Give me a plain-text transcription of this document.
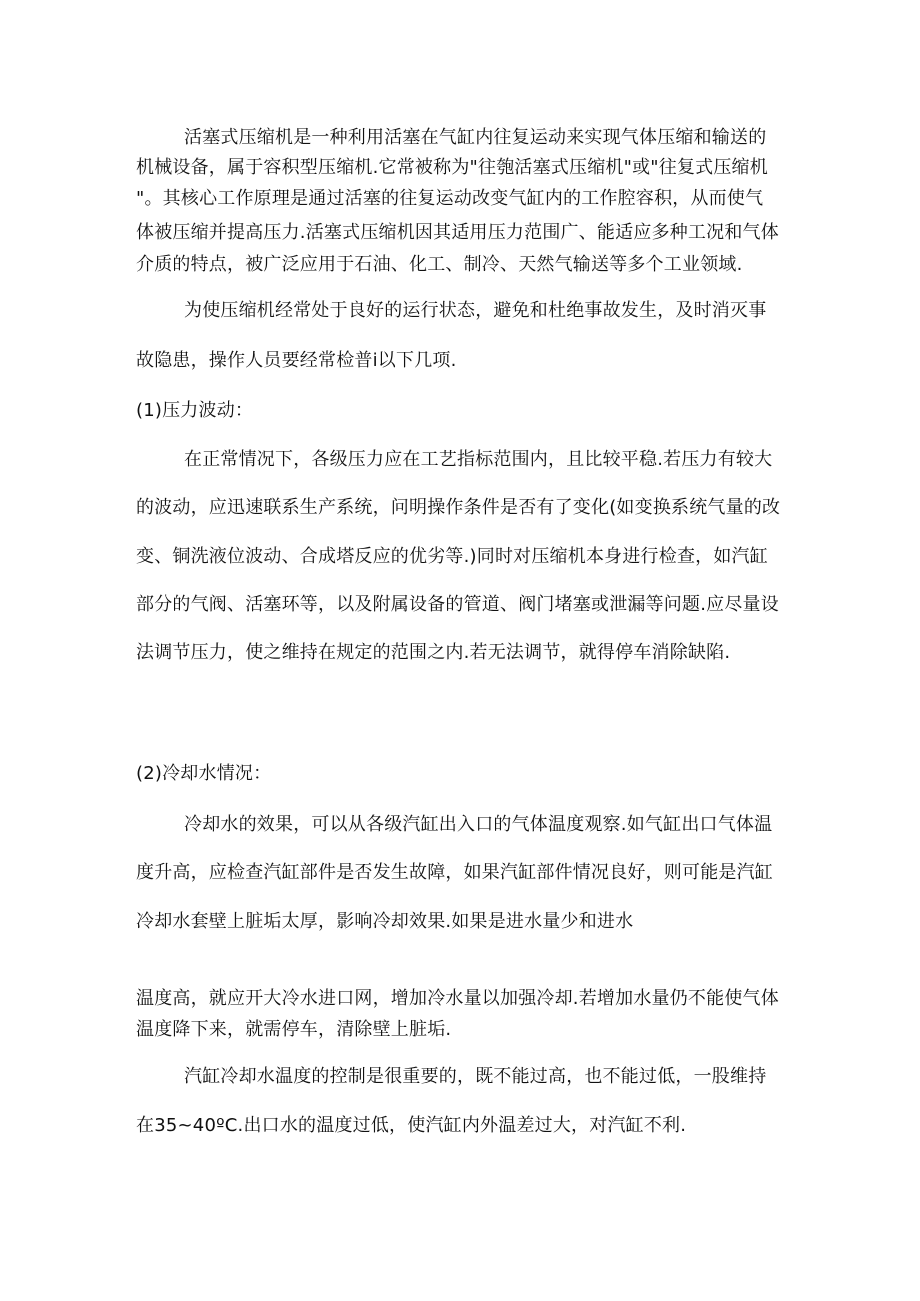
活塞式压缩机是一种利用活塞在气缸内往复运动来实现气体压缩和输送的
机械设备，属于容积型压缩机.它常被称为"往匏活塞式压缩机"或"往复式压缩机
"。其核心工作原理是通过活塞的往复运动改变气缸内的工作腔容积，从而使气
体被压缩并提高压力.活塞式压缩机因其适用压力范围广、能适应多种工况和气体
介质的特点，被广泛应用于石油、化工、制冷、天然气输送等多个工业领域.
为使压缩机经常处于良好的运行状态，避免和杜绝事故发生，及时消灭事
故隐患，操作人员要经常检普i以下几项.
(1)压力波动：
在正常情况下，各级压力应在工艺指标范围内，且比较平稳.若压力有较大
的波动，应迅速联系生产系统，问明操作条件是否有了变化(如变换系统气量的改
变、铜洗液位波动、合成塔反应的优劣等.)同时对压缩机本身进行检查，如汽缸
部分的气阀、活塞环等，以及附属设备的管道、阀门堵塞或泄漏等问题.应尽量设
法调节压力，使之维持在规定的范围之内.若无法调节，就得停车消除缺陷.
(2)冷却水情况：
冷却水的效果，可以从各级汽缸出入口的气体温度观察.如气缸出口气体温
度升高，应检查汽缸部件是否发生故障，如果汽缸部件情况良好，则可能是汽缸
冷却水套壁上脏垢太厚，影响冷却效果.如果是进水量少和进水
温度高，就应开大冷水进口网，增加冷水量以加强冷却.若增加水量仍不能使气体
温度降下来，就需停车，清除壁上脏垢.
汽缸冷却水温度的控制是很重要的，既不能过高，也不能过低，一股维持
在35~40ºC.出口水的温度过低，使汽缸内外温差过大，对汽缸不利.
